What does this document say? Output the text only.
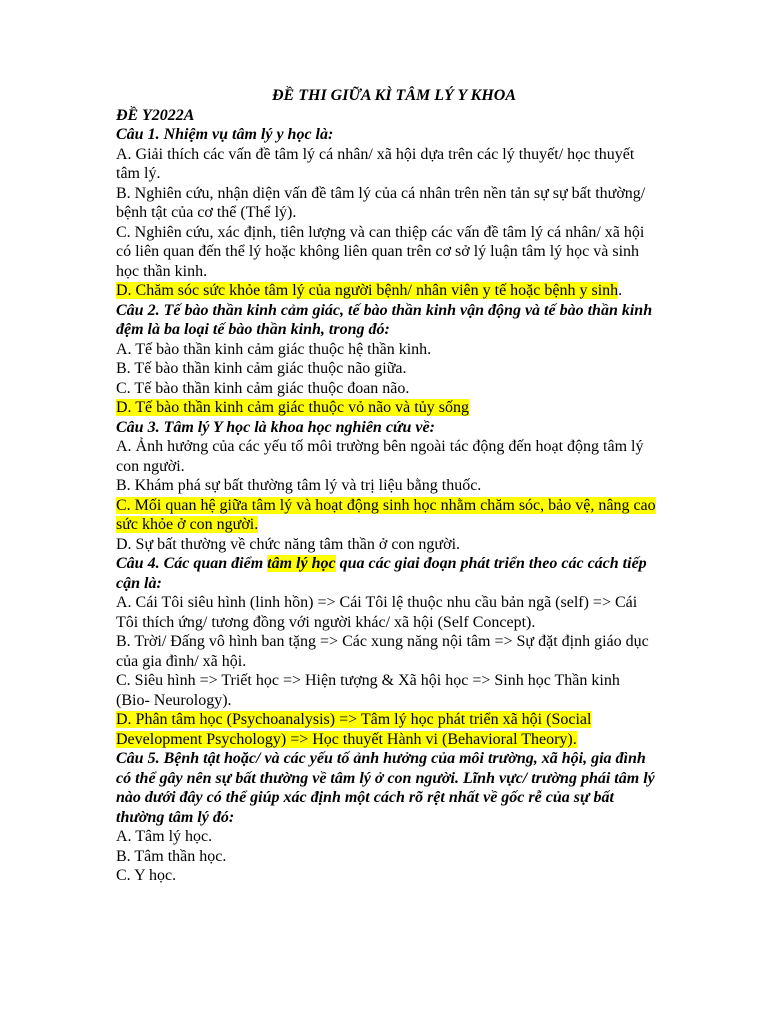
ĐỀ THI GIỮA KÌ TÂM LÝ Y KHOA

ĐỀ Y2022A

Câu 1. Nhiệm vụ tâm lý y học là:

A. Giải thích các vấn đề tâm lý cá nhân/ xã hội dựa trên các lý thuyết/ học thuyết tâm lý.

B. Nghiên cứu, nhận diện vấn đề tâm lý của cá nhân trên nền tản sự sự bất thường/ bệnh tật của cơ thể (Thể lý).

C. Nghiên cứu, xác định, tiên lượng và can thiệp các vấn đề tâm lý cá nhân/ xã hội có liên quan đến thể lý hoặc không liên quan trên cơ sở lý luận tâm lý học và sinh học thần kinh.

D. Chăm sóc sức khỏe tâm lý của người bệnh/ nhân viên y tế hoặc bệnh y sinh.

Câu 2. Tế bào thần kinh cảm giác, tế bào thần kinh vận động và tế bào thần kinh đệm là ba loại tế bào thần kinh, trong đó:

A. Tế bào thần kinh cảm giác thuộc hệ thần kinh.

B. Tế bào thần kinh cảm giác thuộc não giữa.

C. Tế bào thần kinh cảm giác thuộc đoan não.

D. Tế bào thần kinh cảm giác thuộc vỏ não và tủy sống

Câu 3. Tâm lý Y học là khoa học nghiên cứu về:

A. Ảnh hưởng của các yếu tố môi trường bên ngoài tác động đến hoạt động tâm lý con người.

B. Khám phá sự bất thường tâm lý và trị liệu bằng thuốc.

C. Mối quan hệ giữa tâm lý và hoạt động sinh học nhằm chăm sóc, bảo vệ, nâng cao sức khỏe ở con người.

D. Sự bất thường về chức năng tâm thần ở con người.

Câu 4. Các quan điểm tâm lý học qua các giai đoạn phát triển theo các cách tiếp cận là:

A. Cái Tôi siêu hình (linh hồn) => Cái Tôi lệ thuộc nhu cầu bản ngã (self) => Cái Tôi thích ứng/ tương đồng với người khác/ xã hội (Self Concept).

B. Trời/ Đấng vô hình ban tặng => Các xung năng nội tâm => Sự đặt định giáo dục của gia đình/ xã hội.

C. Siêu hình => Triết học => Hiện tượng & Xã hội học => Sinh học Thần kinh (Bio- Neurology).

D. Phân tâm học (Psychoanalysis) => Tâm lý học phát triển xã hội (Social Development Psychology) => Học thuyết Hành vi (Behavioral Theory).

Câu 5. Bệnh tật hoặc/ và các yếu tố ảnh hưởng của môi trường, xã hội, gia đình có thể gây nên sự bất thường về tâm lý ở con người. Lĩnh vực/ trường phái tâm lý nào dưới đây có thể giúp xác định một cách rõ rệt nhất về gốc rễ của sự bất thường tâm lý đó:

A. Tâm lý học.

B. Tâm thần học.

C. Y học.
